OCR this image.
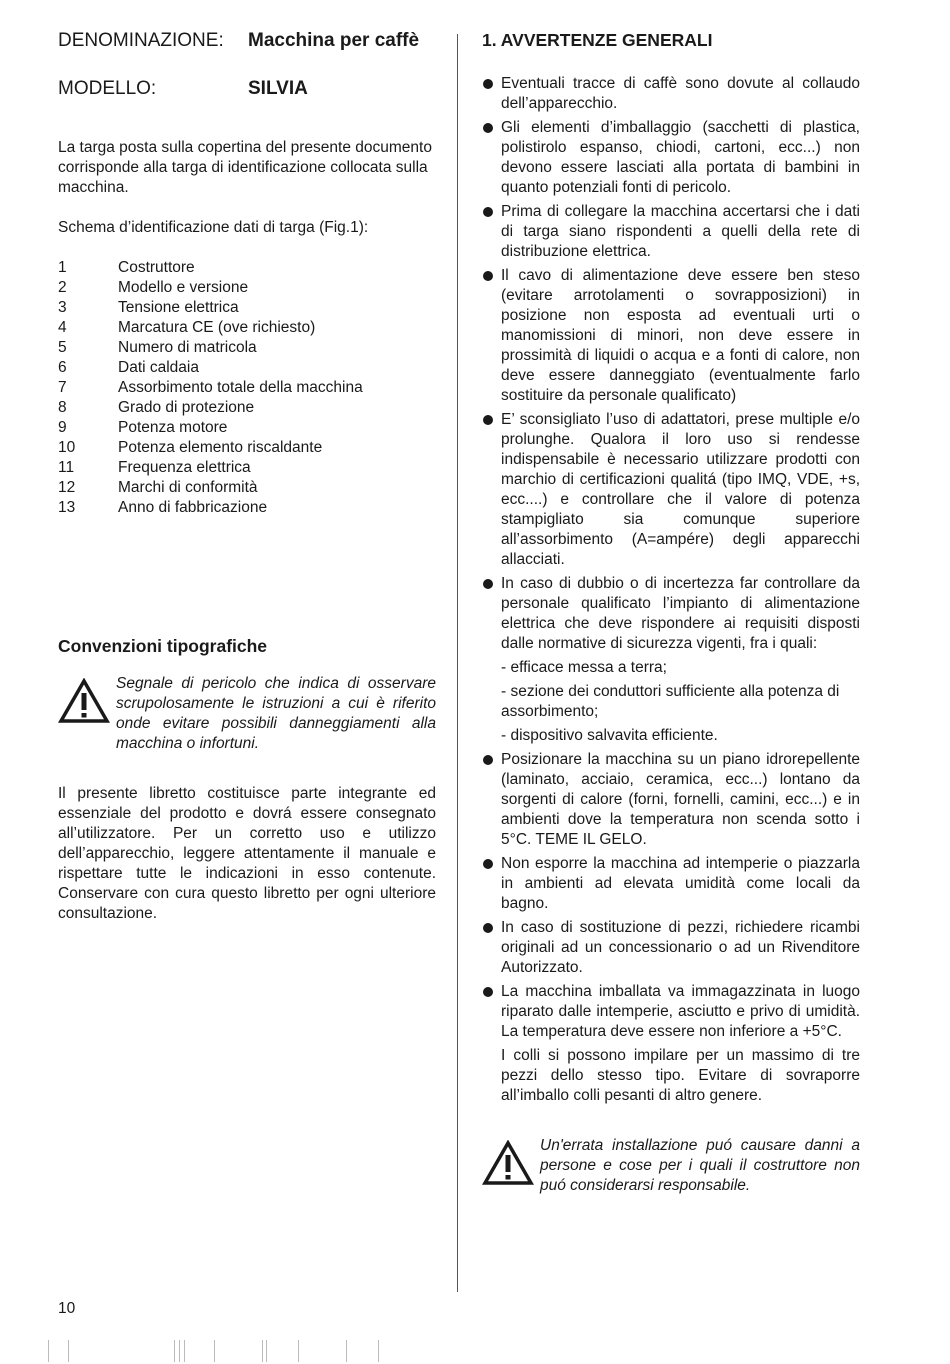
DENOMINAZIONE:	Macchina per caffè
MODELLO:	SILVIA

La targa posta sulla copertina del presente documento corrisponde alla targa di identificazione collocata sulla macchina.

Schema d’identificazione dati di targa (Fig.1):

1	Costruttore
2	Modello e versione
3	Tensione elettrica
4	Marcatura CE (ove richiesto)
5	Numero di matricola
6	Dati caldaia
7	Assorbimento totale della macchina
8	Grado di protezione
9	Potenza motore
10	Potenza elemento riscaldante
11	Frequenza elettrica
12	Marchi di conformità
13	Anno di fabbricazione
Convenzioni tipografiche
Segnale di pericolo che indica di osservare scrupolosamente le istruzioni a cui è riferito onde evitare possibili danneggiamenti alla macchina o infortuni.

Il presente libretto costituisce parte integrante ed essenziale del prodotto e dovrá essere consegnato all’utilizzatore. Per un corretto uso e utilizzo dell’apparecchio, leggere attentamente il manuale e rispettare tutte le indicazioni in esso contenute. Conservare con cura questo libretto per ogni ulteriore consultazione.

1. AVVERTENZE GENERALI
Eventuali tracce di caffè sono dovute al collaudo dell’apparecchio.
Gli elementi d’imballaggio (sacchetti di plastica, polistirolo espanso, chiodi, cartoni, ecc...) non devono essere lasciati alla portata di bambini in quanto potenziali fonti di pericolo.
Prima di collegare la macchina accertarsi che i dati di targa siano rispondenti a quelli della rete di distribuzione elettrica.
Il cavo di alimentazione deve essere ben steso (evitare arrotolamenti o sovrapposizioni) in posizione non esposta ad eventuali urti o manomissioni di minori, non deve essere in prossimità di liquidi o acqua e a fonti di calore, non deve essere danneggiato (eventualmente farlo sostituire da personale qualificato)
E’ sconsigliato l’uso di adattatori, prese multiple e/o prolunghe. Qualora il loro uso si rendesse indispensabile è necessario utilizzare prodotti con marchio di certificazioni qualitá (tipo IMQ, VDE, +s, ecc....) e controllare che il valore di potenza stampigliato sia comunque superiore all’assorbimento (A=ampére) degli apparecchi allacciati.
In caso di dubbio o di incertezza far controllare da personale qualificato l’impianto di alimentazione elettrica che deve rispondere ai requisiti disposti dalle normative di sicurezza vigenti, fra i quali:
- efficace messa a terra;
- sezione dei conduttori sufficiente alla potenza di assorbimento;
- dispositivo salvavita efficiente.
Posizionare la macchina su un piano idrorepellente (laminato, acciaio, ceramica, ecc...) lontano da sorgenti di calore (forni, fornelli, camini, ecc...) e in ambienti dove la temperatura non scenda sotto i 5°C. TEME IL GELO.
Non esporre la macchina ad intemperie o piazzarla in ambienti ad elevata umidità come locali da bagno.
In caso di sostituzione di pezzi, richiedere ricambi originali ad un concessionario o ad un Rivenditore Autorizzato.
La macchina imballata va immagazzinata in luogo riparato dalle intemperie, asciutto e privo di umidità. La temperatura deve essere non inferiore a +5°C.
I colli si possono impilare per un massimo di tre pezzi dello stesso tipo. Evitare di sovraporre all’imballo colli pesanti di altro genere.
Un'errata installazione puó causare danni a persone e cose per i quali il costruttore non puó considerarsi responsabile.
10
